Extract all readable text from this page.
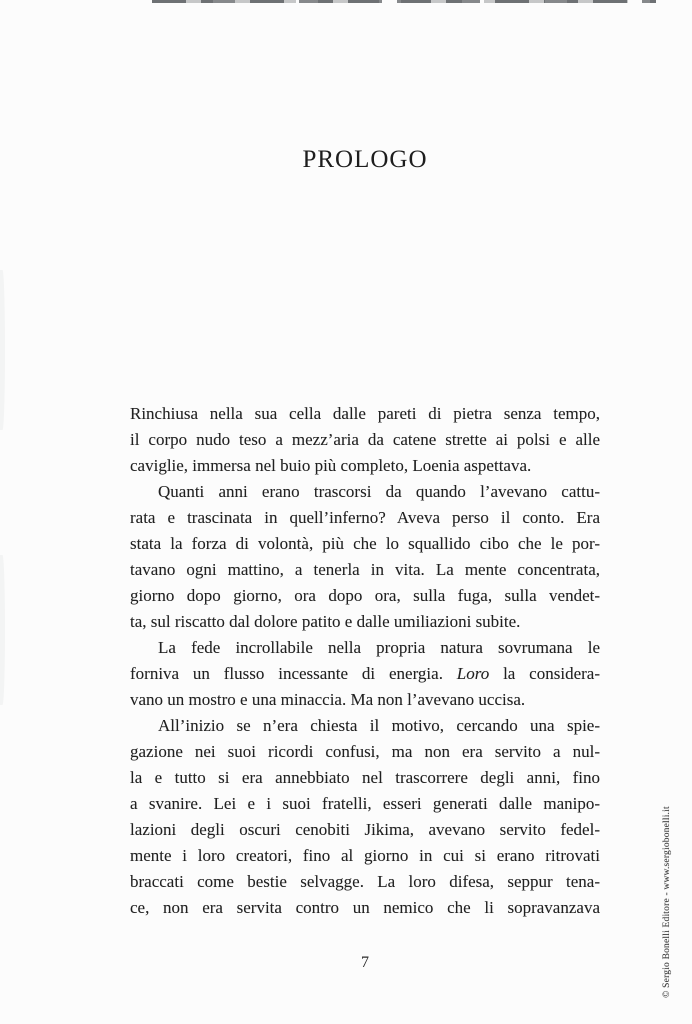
PROLOGO
Rinchiusa nella sua cella dalle pareti di pietra senza tempo,
il corpo nudo teso a mezz’aria da catene strette ai polsi e alle
caviglie, immersa nel buio più completo, Loenia aspettava.
Quanti anni erano trascorsi da quando l’avevano cattu-
rata e trascinata in quell’inferno? Aveva perso il conto. Era
stata la forza di volontà, più che lo squallido cibo che le por-
tavano ogni mattino, a tenerla in vita. La mente concentrata,
giorno dopo giorno, ora dopo ora, sulla fuga, sulla vendet-
ta, sul riscatto dal dolore patito e dalle umiliazioni subite.
La fede incrollabile nella propria natura sovrumana le
forniva un flusso incessante di energia. Loro la considera-
vano un mostro e una minaccia. Ma non l’avevano uccisa.
All’inizio se n’era chiesta il motivo, cercando una spie-
gazione nei suoi ricordi confusi, ma non era servito a nul-
la e tutto si era annebbiato nel trascorrere degli anni, fino
a svanire. Lei e i suoi fratelli, esseri generati dalle manipo-
lazioni degli oscuri cenobiti Jikima, avevano servito fedel-
mente i loro creatori, fino al giorno in cui si erano ritrovati
braccati come bestie selvagge. La loro difesa, seppur tena-
ce, non era servita contro un nemico che li sopravanzava
7	© Sergio Bonelli Editore - www.sergiobonelli.it
